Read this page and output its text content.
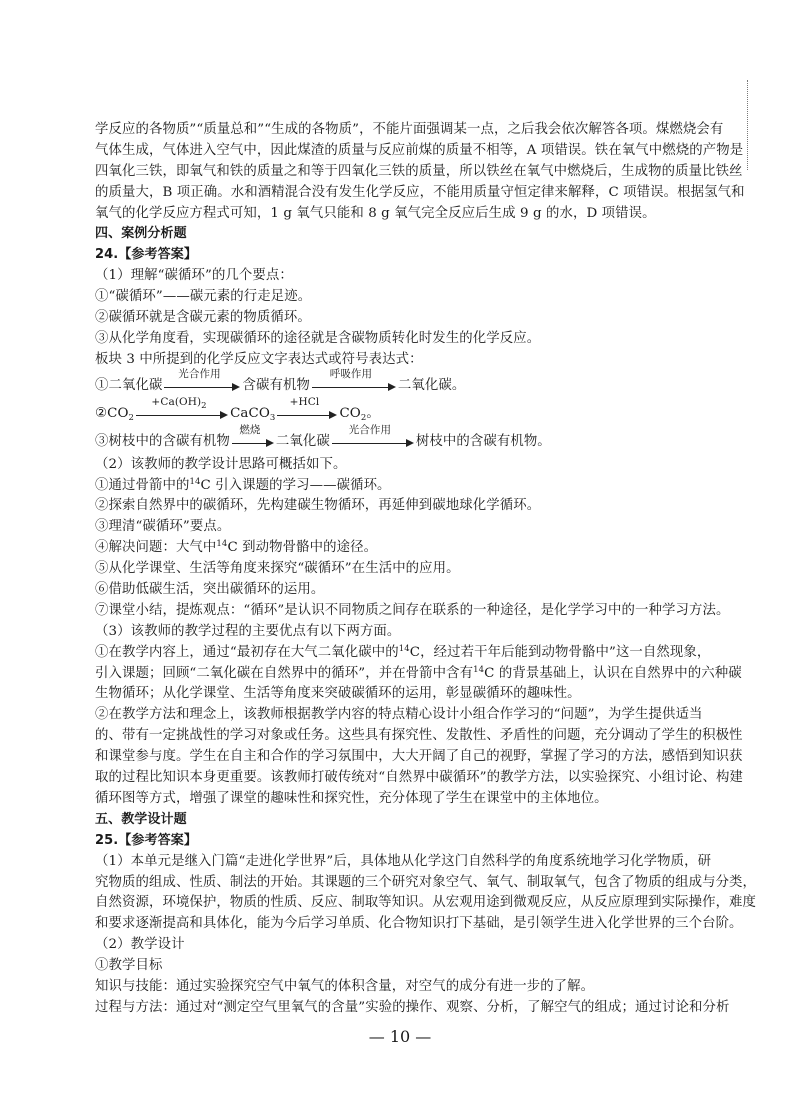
学反应的各物质”“质量总和”“生成的各物质”，不能片面强调某一点，之后我会依次解答各项。煤燃烧会有
气体生成，气体进入空气中，因此煤渣的质量与反应前煤的质量不相等，A 项错误。铁在氧气中燃烧的产物是
四氧化三铁，即氧气和铁的质量之和等于四氧化三铁的质量，所以铁丝在氧气中燃烧后，生成物的质量比铁丝
的质量大，B 项正确。水和酒精混合没有发生化学反应，不能用质量守恒定律来解释，C 项错误。根据氢气和
氧气的化学反应方程式可知，1 g 氧气只能和 8 g 氧气完全反应后生成 9 g 的水，D 项错误。
四、案例分析题
24.【参考答案】
（1）理解“碳循环”的几个要点：
①“碳循环”——碳元素的行走足迹。
②碳循环就是含碳元素的物质循环。
③从化学角度看，实现碳循环的途径就是含碳物质转化时发生的化学反应。
板块 3 中所提到的化学反应文字表达式或符号表达式：
①二氧化碳
光合作用
含碳有机物
呼吸作用
二氧化碳。
$②CO_2$
$+Ca(OH)_2$	CaCO$_3$
+HCl
$CO_2$。
③树枝中的含碳有机物
燃烧
二氧化碳
光合作用
树枝中的含碳有机物。
（2）该教师的教学设计思路可概括如下。
①通过骨箭中的$^{14}$C 引入课题的学习——碳循环。
②探索自然界中的碳循环，先构建碳生物循环，再延伸到碳地球化学循环。
③理清“碳循环”要点。
④解决问题：大气中$^{14}$C 到动物骨骼中的途径。
⑤从化学课堂、生活等角度来探究“碳循环”在生活中的应用。
⑥借助低碳生活，突出碳循环的运用。
⑦课堂小结，提炼观点：“循环”是认识不同物质之间存在联系的一种途径，是化学学习中的一种学习方法。
（3）该教师的教学过程的主要优点有以下两方面。
①在教学内容上，通过“最初存在大气二氧化碳中的$^{14}$C，经过若干年后能到动物骨骼中”这一自然现象，
引入课题；回顾“二氧化碳在自然界中的循环”，并在骨箭中含有$^{14}$C 的背景基础上，认识在自然界中的六种碳
生物循环；从化学课堂、生活等角度来突破碳循环的运用，彰显碳循环的趣味性。
②在教学方法和理念上，该教师根据教学内容的特点精心设计小组合作学习的“问题”，为学生提供适当
的、带有一定挑战性的学习对象或任务。这些具有探究性、发散性、矛盾性的问题，充分调动了学生的积极性
和课堂参与度。学生在自主和合作的学习氛围中，大大开阔了自己的视野，掌握了学习的方法，感悟到知识获
取的过程比知识本身更重要。该教师打破传统对“自然界中碳循环”的教学方法，以实验探究、小组讨论、构建
循环图等方式，增强了课堂的趣味性和探究性，充分体现了学生在课堂中的主体地位。
五、教学设计题
25.【参考答案】
（1）本单元是继入门篇“走进化学世界”后，具体地从化学这门自然科学的角度系统地学习化学物质，研
究物质的组成、性质、制法的开始。其课题的三个研究对象空气、氧气、制取氧气，包含了物质的组成与分类，
自然资源，环境保护，物质的性质、反应、制取等知识。从宏观用途到微观反应，从反应原理到实际操作，难度
和要求逐渐提高和具体化，能为今后学习单质、化合物知识打下基础，是引领学生进入化学世界的三个台阶。
（2）教学设计
①教学目标
知识与技能：通过实验探究空气中氧气的体积含量，对空气的成分有进一步的了解。
过程与方法：通过对“测定空气里氧气的含量”实验的操作、观察、分析，了解空气的组成；通过讨论和分析
— 10 —
